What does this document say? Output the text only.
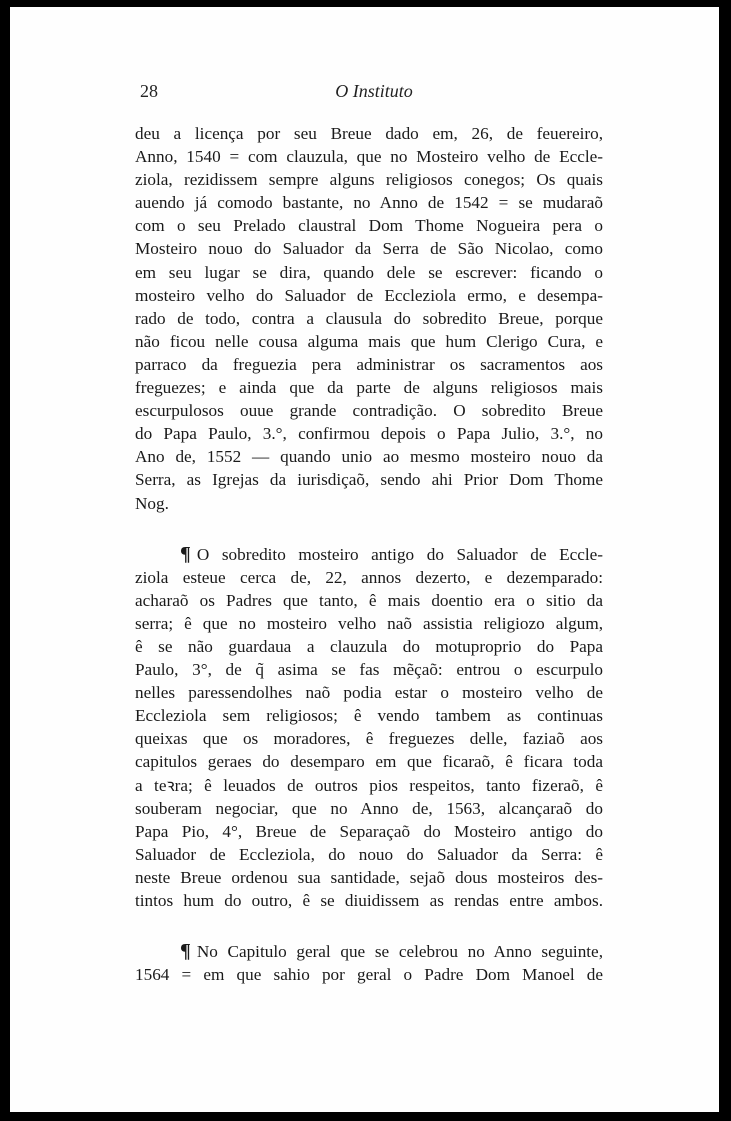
28	O Instituto
deu a licença por seu Breue dado em, 26, de feuereiro,
Anno, 1540 = com clauzula, que no Mosteiro velho de Eccle-
ziola, rezidissem sempre alguns religiosos conegos; Os quais
auendo já comodo bastante, no Anno de 1542 = se mudaraõ
com o seu Prelado claustral Dom Thome Nogueira pera o
Mosteiro nouo do Saluador da Serra de São Nicolao, como
em seu lugar se dira, quando dele se escrever: ficando o
mosteiro velho do Saluador de Eccleziola ermo, e desempa-
rado de todo, contra a clausula do sobredito Breue, porque
não ficou nelle cousa alguma mais que hum Clerigo Cura, e
parraco da freguezia pera administrar os sacramentos aos
freguezes; e ainda que da parte de alguns religiosos mais
escurpulosos ouue grande contradição. O sobredito Breue
do Papa Paulo, 3.°, confirmou depois o Papa Julio, 3.°, no
Ano de, 1552 — quando unio ao mesmo mosteiro nouo da
Serra, as Igrejas da iurisdiçaõ, sendo ahi Prior Dom Thome
Nog.
¶ O sobredito mosteiro antigo do Saluador de Eccle-
ziola esteue cerca de, 22, annos dezerto, e dezemparado:
acharaõ os Padres que tanto, ê mais doentio era o sitio da
serra; ê que no mosteiro velho naõ assistia religiozo algum,
ê se não guardaua a clauzula do motuproprio do Papa
Paulo, 3°, de q̃ asima se fas mẽçaõ: entrou o escurpulo
nelles paressendolhes naõ podia estar o mosteiro velho de
Eccleziola sem religiosos; ê vendo tambem as continuas
queixas que os moradores, ê freguezes delle, faziaõ aos
capitulos geraes do desemparo em que ficaraõ, ê ficara toda
a teꝛra; ê leuados de outros pios respeitos, tanto fizeraõ, ê
souberam negociar, que no Anno de, 1563, alcançaraõ do
Papa Pio, 4°, Breue de Separaçaõ do Mosteiro antigo do
Saluador de Eccleziola, do nouo do Saluador da Serra: ê
neste Breue ordenou sua santidade, sejaõ dous mosteiros des-
tintos hum do outro, ê se diuidissem as rendas entre ambos.
¶ No Capitulo geral que se celebrou no Anno seguinte,
1564 = em que sahio por geral o Padre Dom Manoel de
